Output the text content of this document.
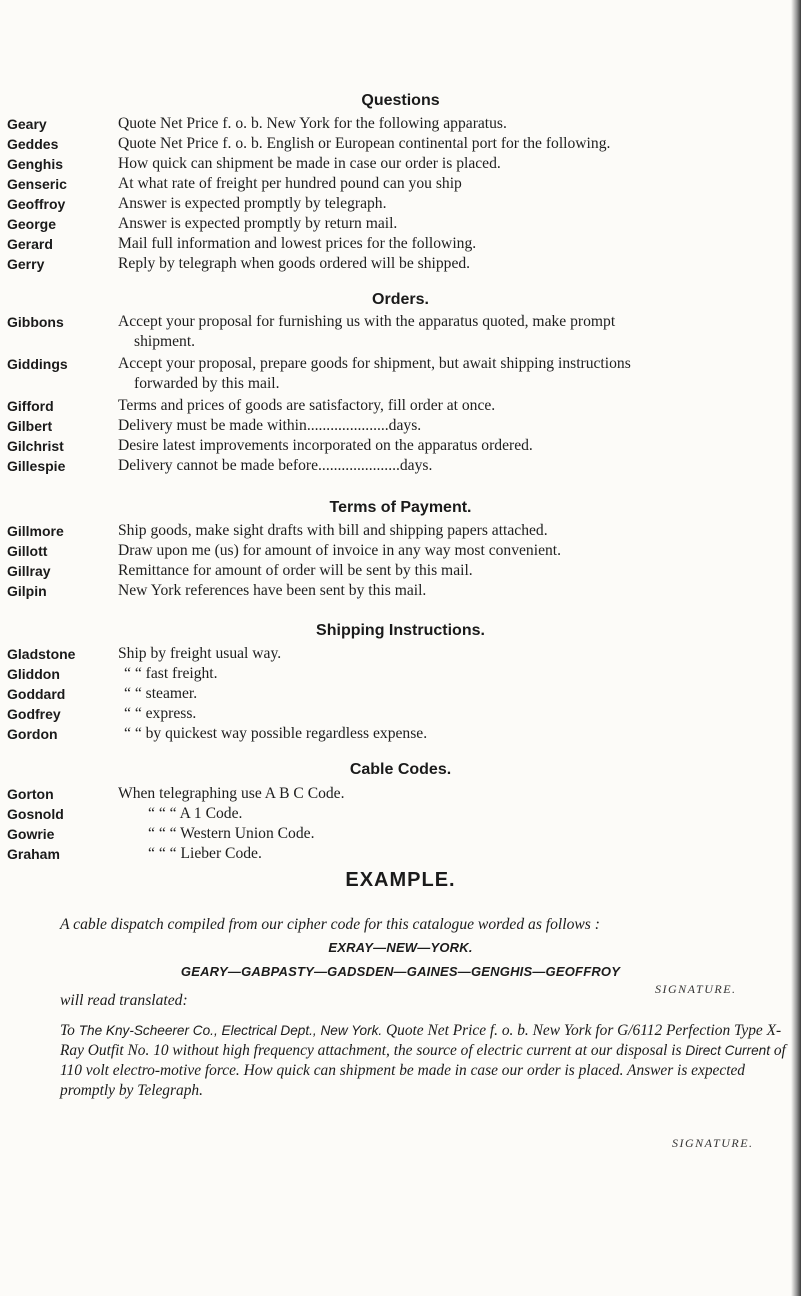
Questions
Geary	Quote Net Price f. o. b. New York for the following apparatus.
Geddes	Quote Net Price f. o. b. English or European continental port for the following.
Genghis	How quick can shipment be made in case our order is placed.
Genseric	At what rate of freight per hundred pound can you ship
Geoffroy	Answer is expected promptly by telegraph.
George	Answer is expected promptly by return mail.
Gerard	Mail full information and lowest prices for the following.
Gerry	Reply by telegraph when goods ordered will be shipped.
Orders.
Gibbons	Accept your proposal for furnishing us with the apparatus quoted, make prompt
shipment.
Giddings	Accept your proposal, prepare goods for shipment, but await shipping instructions
forwarded by this mail.
Gifford	Terms and prices of goods are satisfactory, fill order at once.
Gilbert	Delivery must be made within.....................days.
Gilchrist	Desire latest improvements incorporated on the apparatus ordered.
Gillespie	Delivery cannot be made before.....................days.
Terms of Payment.
Gillmore	Ship goods, make sight drafts with bill and shipping papers attached.
Gillott	Draw upon me (us) for amount of invoice in any way most convenient.
Gillray	Remittance for amount of order will be sent by this mail.
Gilpin	New York references have been sent by this mail.
Shipping Instructions.
Gladstone	Ship by freight usual way.
Gliddon	“ “ fast freight.
Goddard	“ “ steamer.
Godfrey	“ “ express.
Gordon	“ “ by quickest way possible regardless expense.
Cable Codes.
Gorton	When telegraphing use A B C Code.
Gosnold	“ “ “ A 1 Code.
Gowrie	“ “ “ Western Union Code.
Graham	“ “ “ Lieber Code.
EXAMPLE.
A cable dispatch compiled from our cipher code for this catalogue worded as follows :
EXRAY—NEW—YORK.
GEARY—GABPASTY—GADSDEN—GAINES—GENGHIS—GEOFFROY
SIGNATURE.
will read translated:
To The Kny-Scheerer Co., Electrical Dept., New York. Quote Net Price f. o. b. New York for G/6112 Perfection Type X-Ray Outfit No. 10 without high frequency attachment, the source of electric current at our disposal is Direct Current of 110 volt electro-motive force. How quick can shipment be made in case our order is placed. Answer is expected promptly by Telegraph.
SIGNATURE.
